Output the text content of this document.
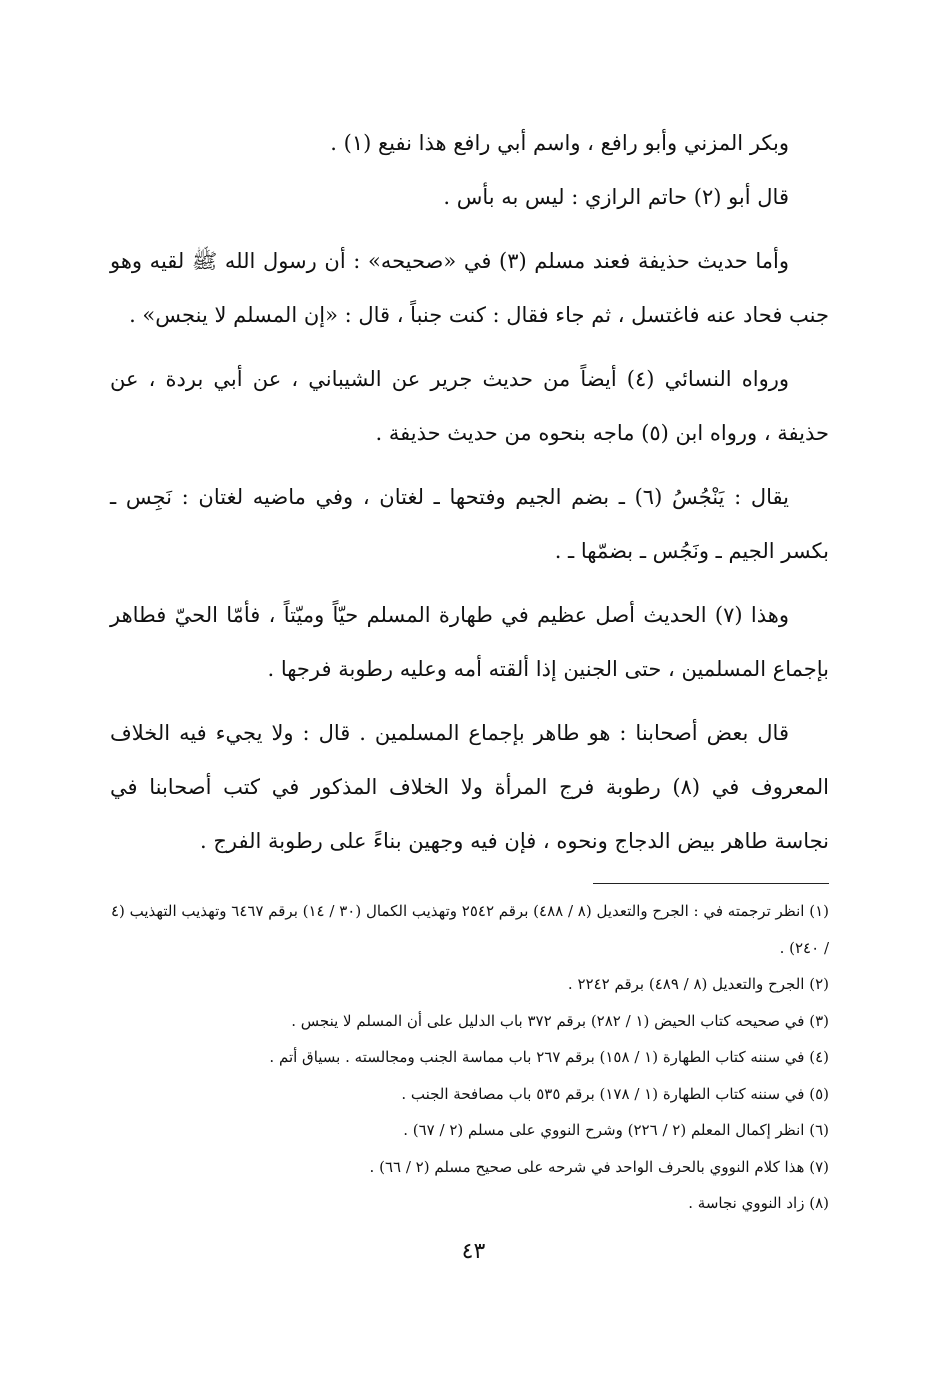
وبكر المزني وأبو رافع ، واسم أبي رافع هذا نفيع (١) .

قال أبو (٢) حاتم الرازي : ليس به بأس .

وأما حديث حذيفة فعند مسلم (٣) في «صحيحه» : أن رسول الله ﷺ لقيه وهو جنب فحاد عنه فاغتسل ، ثم جاء فقال : كنت جنباً ، قال : «إن المسلم لا ينجس» .

ورواه النسائي (٤) أيضاً من حديث جرير عن الشيباني ، عن أبي بردة ، عن حذيفة ، ورواه ابن (٥) ماجه بنحوه من حديث حذيفة .

يقال : يَنْجُسُ (٦) ـ بضم الجيم وفتحها ـ لغتان ، وفي ماضيه لغتان : نَجِس ـ بكسر الجيم ـ ونَجُس ـ بضمّها ـ .

وهذا (٧) الحديث أصل عظيم في طهارة المسلم حيّاً وميّتاً ، فأمّا الحيّ فطاهر بإجماع المسلمين ، حتى الجنين إذا ألقته أمه وعليه رطوبة فرجها .

قال بعض أصحابنا : هو طاهر بإجماع المسلمين . قال : ولا يجيء فيه الخلاف المعروف في (٨) رطوبة فرج المرأة ولا الخلاف المذكور في كتب أصحابنا في نجاسة طاهر بيض الدجاج ونحوه ، فإن فيه وجهين بناءً على رطوبة الفرج .

(١) انظر ترجمته في : الجرح والتعديل (٨ / ٤٨٨) برقم ٢٥٤٢ وتهذيب الكمال (٣٠ / ١٤) برقم ٦٤٦٧ وتهذيب التهذيب (٤ / ٢٤٠) .

(٢) الجرح والتعديل (٨ / ٤٨٩) برقم ٢٢٤٢ .

(٣) في صحيحه كتاب الحيض (١ / ٢٨٢) برقم ٣٧٢ باب الدليل على أن المسلم لا ينجس .

(٤) في سننه كتاب الطهارة (١ / ١٥٨) برقم ٢٦٧ باب مماسة الجنب ومجالسته . بسياق أتم .

(٥) في سننه كتاب الطهارة (١ / ١٧٨) برقم ٥٣٥ باب مصافحة الجنب .

(٦) انظر إكمال المعلم (٢ / ٢٢٦) وشرح النووي على مسلم (٢ / ٦٧) .

(٧) هذا كلام النووي بالحرف الواحد في شرحه على صحيح مسلم (٢ / ٦٦) .

(٨) زاد النووي نجاسة .

٤٣
